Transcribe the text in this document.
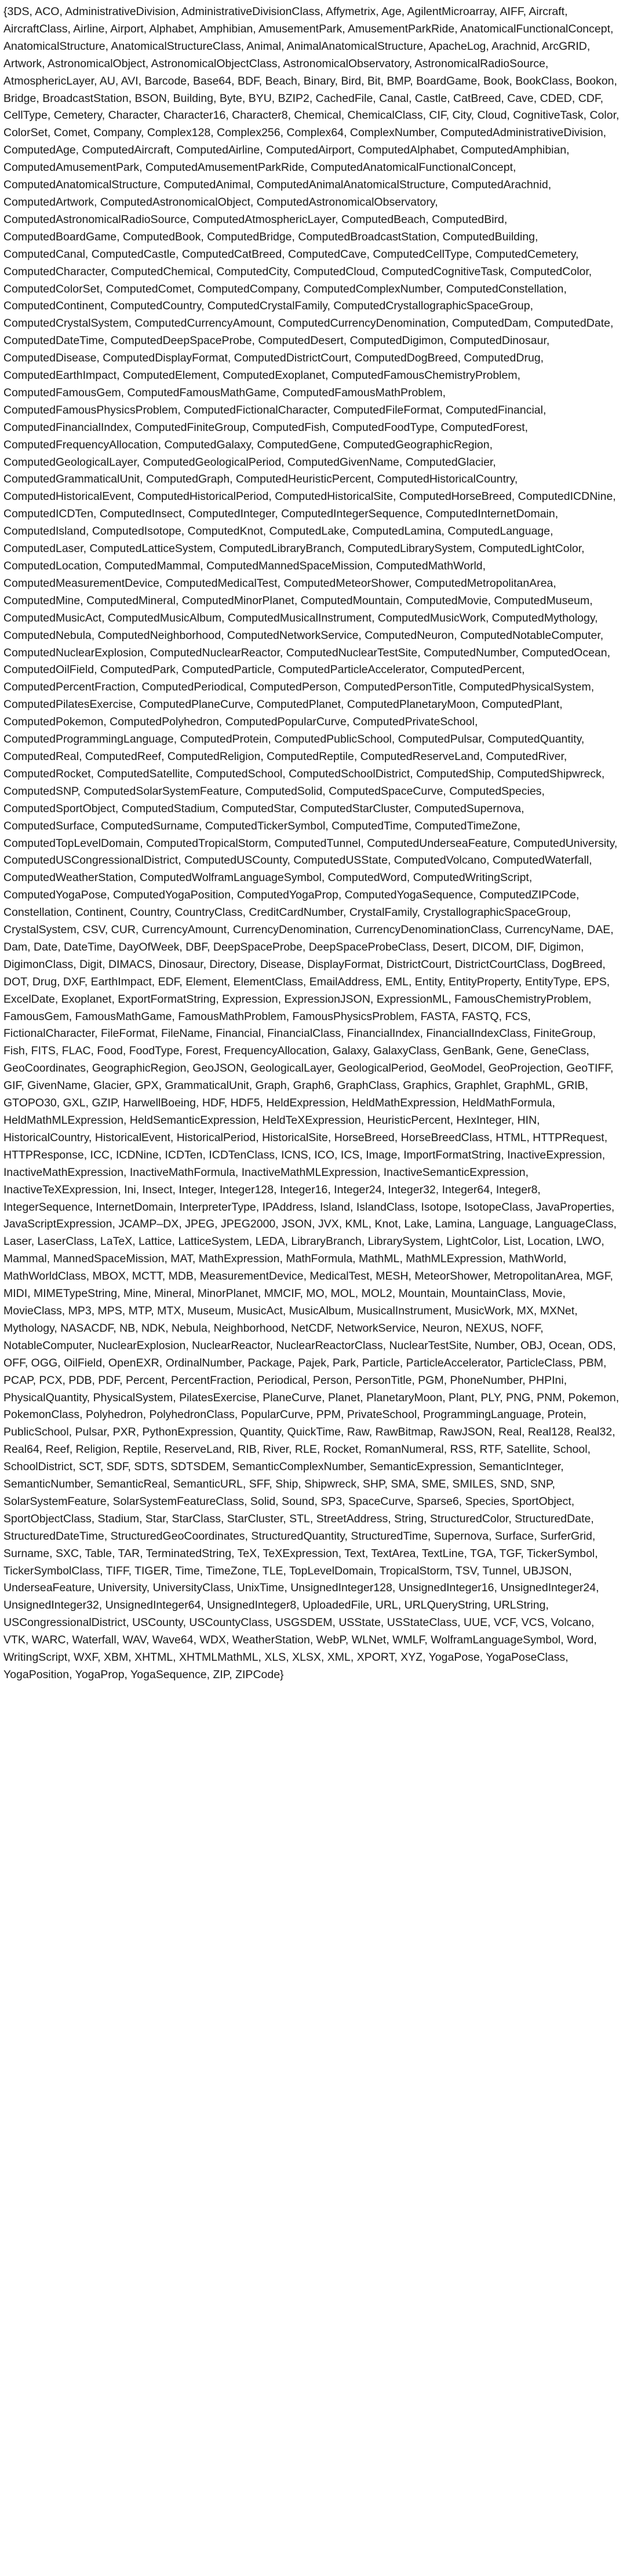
{3DS, ACO, AdministrativeDivision, AdministrativeDivisionClass, Affymetrix, Age, AgilentMicroarray, AIFF, Aircraft, AircraftClass, Airline, Airport, Alphabet, Amphibian, AmusementPark, AmusementParkRide, AnatomicalFunctionalConcept, AnatomicalStructure, AnatomicalStructureClass, Animal, AnimalAnatomicalStructure, ApacheLog, Arachnid, ArcGRID, Artwork, AstronomicalObject, AstronomicalObjectClass, AstronomicalObservatory, AstronomicalRadioSource, AtmosphericLayer, AU, AVI, Barcode, Base64, BDF, Beach, Binary, Bird, Bit, BMP, BoardGame, Book, BookClass, Bookon, Bridge, BroadcastStation, BSON, Building, Byte, BYU, BZIP2, CachedFile, Canal, Castle, CatBreed, Cave, CDED, CDF, CellType, Cemetery, Character, Character16, Character8, Chemical, ChemicalClass, CIF, City, Cloud, CognitiveTask, Color, ColorSet, Comet, Company, Complex128, Complex256, Complex64, ComplexNumber, ComputedAdministrativeDivision, ComputedAge, ComputedAircraft, ComputedAirline, ComputedAirport, ComputedAlphabet, ComputedAmphibian, ComputedAmusementPark, ComputedAmusementParkRide, ComputedAnatomicalFunctionalConcept, ComputedAnatomicalStructure, ComputedAnimal, ComputedAnimalAnatomicalStructure, ComputedArachnid, ComputedArtwork, ComputedAstronomicalObject, ComputedAstronomicalObservatory, ComputedAstronomicalRadioSource, ComputedAtmosphericLayer, ComputedBeach, ComputedBird, ComputedBoardGame, ComputedBook, ComputedBridge, ComputedBroadcastStation, ComputedBuilding, ComputedCanal, ComputedCastle, ComputedCatBreed, ComputedCave, ComputedCellType, ComputedCemetery, ComputedCharacter, ComputedChemical, ComputedCity, ComputedCloud, ComputedCognitiveTask, ComputedColor, ComputedColorSet, ComputedComet, ComputedCompany, ComputedComplexNumber, ComputedConstellation, ComputedContinent, ComputedCountry, ComputedCrystalFamily, ComputedCrystallographicSpaceGroup, ComputedCrystalSystem, ComputedCurrencyAmount, ComputedCurrencyDenomination, ComputedDam, ComputedDate, ComputedDateTime, ComputedDeepSpaceProbe, ComputedDesert, ComputedDigimon, ComputedDinosaur, ComputedDisease, ComputedDisplayFormat, ComputedDistrictCourt, ComputedDogBreed, ComputedDrug, ComputedEarthImpact, ComputedElement, ComputedExoplanet, ComputedFamousChemistryProblem, ComputedFamousGem, ComputedFamousMathGame, ComputedFamousMathProblem, ComputedFamousPhysicsProblem, ComputedFictionalCharacter, ComputedFileFormat, ComputedFinancial, ComputedFinancialIndex, ComputedFiniteGroup, ComputedFish, ComputedFoodType, ComputedForest, ComputedFrequencyAllocation, ComputedGalaxy, ComputedGene, ComputedGeographicRegion, ComputedGeologicalLayer, ComputedGeologicalPeriod, ComputedGivenName, ComputedGlacier, ComputedGrammaticalUnit, ComputedGraph, ComputedHeuristicPercent, ComputedHistoricalCountry, ComputedHistoricalEvent, ComputedHistoricalPeriod, ComputedHistoricalSite, ComputedHorseBreed, ComputedICDNine, ComputedICDTen, ComputedInsect, ComputedInteger, ComputedIntegerSequence, ComputedInternetDomain, ComputedIsland, ComputedIsotope, ComputedKnot, ComputedLake, ComputedLamina, ComputedLanguage, ComputedLaser, ComputedLatticeSystem, ComputedLibraryBranch, ComputedLibrarySystem, ComputedLightColor, ComputedLocation, ComputedMammal, ComputedMannedSpaceMission, ComputedMathWorld, ComputedMeasurementDevice, ComputedMedicalTest, ComputedMeteorShower, ComputedMetropolitanArea, ComputedMine, ComputedMineral, ComputedMinorPlanet, ComputedMountain, ComputedMovie, ComputedMuseum, ComputedMusicAct, ComputedMusicAlbum, ComputedMusicalInstrument, ComputedMusicWork, ComputedMythology, ComputedNebula, ComputedNeighborhood, ComputedNetworkService, ComputedNeuron, ComputedNotableComputer, ComputedNuclearExplosion, ComputedNuclearReactor, ComputedNuclearTestSite, ComputedNumber, ComputedOcean, ComputedOilField, ComputedPark, ComputedParticle, ComputedParticleAccelerator, ComputedPercent, ComputedPercentFraction, ComputedPeriodical, ComputedPerson, ComputedPersonTitle, ComputedPhysicalSystem, ComputedPilatesExercise, ComputedPlaneCurve, ComputedPlanet, ComputedPlanetaryMoon, ComputedPlant, ComputedPokemon, ComputedPolyhedron, ComputedPopularCurve, ComputedPrivateSchool, ComputedProgrammingLanguage, ComputedProtein, ComputedPublicSchool, ComputedPulsar, ComputedQuantity, ComputedReal, ComputedReef, ComputedReligion, ComputedReptile, ComputedReserveLand, ComputedRiver, ComputedRocket, ComputedSatellite, ComputedSchool, ComputedSchoolDistrict, ComputedShip, ComputedShipwreck, ComputedSNP, ComputedSolarSystemFeature, ComputedSolid, ComputedSpaceCurve, ComputedSpecies, ComputedSportObject, ComputedStadium, ComputedStar, ComputedStarCluster, ComputedSupernova, ComputedSurface, ComputedSurname, ComputedTickerSymbol, ComputedTime, ComputedTimeZone, ComputedTopLevelDomain, ComputedTropicalStorm, ComputedTunnel, ComputedUnderseaFeature, ComputedUniversity, ComputedUSCongressionalDistrict, ComputedUSCounty, ComputedUSState, ComputedVolcano, ComputedWaterfall, ComputedWeatherStation, ComputedWolframLanguageSymbol, ComputedWord, ComputedWritingScript, ComputedYogaPose, ComputedYogaPosition, ComputedYogaProp, ComputedYogaSequence, ComputedZIPCode, Constellation, Continent, Country, CountryClass, CreditCardNumber, CrystalFamily, CrystallographicSpaceGroup, CrystalSystem, CSV, CUR, CurrencyAmount, CurrencyDenomination, CurrencyDenominationClass, CurrencyName, DAE, Dam, Date, DateTime, DayOfWeek, DBF, DeepSpaceProbe, DeepSpaceProbeClass, Desert, DICOM, DIF, Digimon, DigimonClass, Digit, DIMACS, Dinosaur, Directory, Disease, DisplayFormat, DistrictCourt, DistrictCourtClass, DogBreed, DOT, Drug, DXF, EarthImpact, EDF, Element, ElementClass, EmailAddress, EML, Entity, EntityProperty, EntityType, EPS, ExcelDate, Exoplanet, ExportFormatString, Expression, ExpressionJSON, ExpressionML, FamousChemistryProblem, FamousGem, FamousMathGame, FamousMathProblem, FamousPhysicsProblem, FASTA, FASTQ, FCS, FictionalCharacter, FileFormat, FileName, Financial, FinancialClass, FinancialIndex, FinancialIndexClass, FiniteGroup, Fish, FITS, FLAC, Food, FoodType, Forest, FrequencyAllocation, Galaxy, GalaxyClass, GenBank, Gene, GeneClass, GeoCoordinates, GeographicRegion, GeoJSON, GeologicalLayer, GeologicalPeriod, GeoModel, GeoProjection, GeoTIFF, GIF, GivenName, Glacier, GPX, GrammaticalUnit, Graph, Graph6, GraphClass, Graphics, Graphlet, GraphML, GRIB, GTOPO30, GXL, GZIP, HarwellBoeing, HDF, HDF5, HeldExpression, HeldMathExpression, HeldMathFormula, HeldMathMLExpression, HeldSemanticExpression, HeldTeXExpression, HeuristicPercent, HexInteger, HIN, HistoricalCountry, HistoricalEvent, HistoricalPeriod, HistoricalSite, HorseBreed, HorseBreedClass, HTML, HTTPRequest, HTTPResponse, ICC, ICDNine, ICDTen, ICDTenClass, ICNS, ICO, ICS, Image, ImportFormatString, InactiveExpression, InactiveMathExpression, InactiveMathFormula, InactiveMathMLExpression, InactiveSemanticExpression, InactiveTeXExpression, Ini, Insect, Integer, Integer128, Integer16, Integer24, Integer32, Integer64, Integer8, IntegerSequence, InternetDomain, InterpreterType, IPAddress, Island, IslandClass, Isotope, IsotopeClass, JavaProperties, JavaScriptExpression, JCAMP–DX, JPEG, JPEG2000, JSON, JVX, KML, Knot, Lake, Lamina, Language, LanguageClass, Laser, LaserClass, LaTeX, Lattice, LatticeSystem, LEDA, LibraryBranch, LibrarySystem, LightColor, List, Location, LWO, Mammal, MannedSpaceMission, MAT, MathExpression, MathFormula, MathML, MathMLExpression, MathWorld, MathWorldClass, MBOX, MCTT, MDB, MeasurementDevice, MedicalTest, MESH, MeteorShower, MetropolitanArea, MGF, MIDI, MIMETypeString, Mine, Mineral, MinorPlanet, MMCIF, MO, MOL, MOL2, Mountain, MountainClass, Movie, MovieClass, MP3, MPS, MTP, MTX, Museum, MusicAct, MusicAlbum, MusicalInstrument, MusicWork, MX, MXNet, Mythology, NASACDF, NB, NDK, Nebula, Neighborhood, NetCDF, NetworkService, Neuron, NEXUS, NOFF, NotableComputer, NuclearExplosion, NuclearReactor, NuclearReactorClass, NuclearTestSite, Number, OBJ, Ocean, ODS, OFF, OGG, OilField, OpenEXR, OrdinalNumber, Package, Pajek, Park, Particle, ParticleAccelerator, ParticleClass, PBM, PCAP, PCX, PDB, PDF, Percent, PercentFraction, Periodical, Person, PersonTitle, PGM, PhoneNumber, PHPIni, PhysicalQuantity, PhysicalSystem, PilatesExercise, PlaneCurve, Planet, PlanetaryMoon, Plant, PLY, PNG, PNM, Pokemon, PokemonClass, Polyhedron, PolyhedronClass, PopularCurve, PPM, PrivateSchool, ProgrammingLanguage, Protein, PublicSchool, Pulsar, PXR, PythonExpression, Quantity, QuickTime, Raw, RawBitmap, RawJSON, Real, Real128, Real32, Real64, Reef, Religion, Reptile, ReserveLand, RIB, River, RLE, Rocket, RomanNumeral, RSS, RTF, Satellite, School, SchoolDistrict, SCT, SDF, SDTS, SDTSDEM, SemanticComplexNumber, SemanticExpression, SemanticInteger, SemanticNumber, SemanticReal, SemanticURL, SFF, Ship, Shipwreck, SHP, SMA, SME, SMILES, SND, SNP, SolarSystemFeature, SolarSystemFeatureClass, Solid, Sound, SP3, SpaceCurve, Sparse6, Species, SportObject, SportObjectClass, Stadium, Star, StarClass, StarCluster, STL, StreetAddress, String, StructuredColor, StructuredDate, StructuredDateTime, StructuredGeoCoordinates, StructuredQuantity, StructuredTime, Supernova, Surface, SurferGrid, Surname, SXC, Table, TAR, TerminatedString, TeX, TeXExpression, Text, TextArea, TextLine, TGA, TGF, TickerSymbol, TickerSymbolClass, TIFF, TIGER, Time, TimeZone, TLE, TopLevelDomain, TropicalStorm, TSV, Tunnel, UBJSON, UnderseaFeature, University, UniversityClass, UnixTime, UnsignedInteger128, UnsignedInteger16, UnsignedInteger24, UnsignedInteger32, UnsignedInteger64, UnsignedInteger8, UploadedFile, URL, URLQueryString, URLString, USCongressionalDistrict, USCounty, USCountyClass, USGSDEM, USState, USStateClass, UUE, VCF, VCS, Volcano, VTK, WARC, Waterfall, WAV, Wave64, WDX, WeatherStation, WebP, WLNet, WMLF, WolframLanguageSymbol, Word, WritingScript, WXF, XBM, XHTML, XHTMLMathML, XLS, XLSX, XML, XPORT, XYZ, YogaPose, YogaPoseClass, YogaPosition, YogaProp, YogaSequence, ZIP, ZIPCode}
